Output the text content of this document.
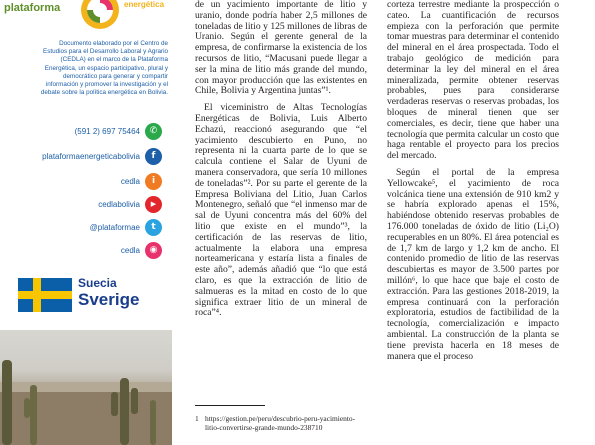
plataforma	energética
Documento elaborado por el Centro de Estudios para el Desarrollo Laboral y Agrario (CEDLA) en el marco de la Plataforma Energética, un espacio participativo, plural y democrático para generar y compartir información y promover la investigación y el debate sobre la política energética en Bolivia.
(591 2) 697 75464	✆
plataformaenergeticabolivia	f
cedla	i
cedlabolivia	▶
@plataformae	t
cedla	◉
Suecia
Sverige

de un yacimiento importante de litio y uranio, donde podría haber 2,5 millones de toneladas de litio y 125 millones de libras de Uranio. Según el gerente general de la empresa, de confirmarse la existencia de los recursos de litio, “Macusani puede llegar a ser la mina de litio más grande del mundo, con mayor producción que las existentes en Chile, Bolivia y Argentina juntas”¹.

El viceministro de Altas Tecnologías Energéticas de Bolivia, Luis Alberto Echazú, reaccionó asegurando que “el yacimiento descubierto en Puno, no representa ni la cuarta parte de lo que se calcula contiene el Salar de Uyuni de manera conservadora, que sería 10 millones de toneladas”². Por su parte el gerente de la Empresa Boliviana del Litio, Juan Carlos Montenegro, señaló que “el inmenso mar de sal de Uyuni concentra más del 60% del litio que existe en el mundo”³, la certificación de las reservas de litio, actualmente la elabora una empresa norteamericana y estaría lista a finales de este año”, además añadió que “lo que está claro, es que la extracción de litio de salmueras es la mitad en costo de lo que significa extraer litio de un mineral de roca”⁴.

1 https://gestion.pe/peru/descubrio-peru-yacimiento-litio-convertirse-grande-mundo-238710

corteza terrestre mediante la prospección o cateo. La cuantificación de recursos empieza con la perforación que permite tomar muestras para determinar el contenido del mineral en el área prospectada. Todo el trabajo geológico de medición para determinar la ley del mineral en el área mineralizada, permite obtener reservas probables, pues para considerarse verdaderas reservas o reservas probadas, los bloques de mineral tienen que ser comerciales, es decir, tiene que haber una tecnología que permita calcular un costo que haga rentable el proyecto para los precios del mercado.

Según el portal de la empresa Yellowcake⁵, el yacimiento de roca volcánica tiene una extensión de 910 km2 y se habría explorado apenas el 15%, habiéndose obtenido reservas probables de 176.000 toneladas de óxido de litio (Li₂O) recuperables en un 80%. El área potencial es de 1,7 km de largo y 1,2 km de ancho. El contenido promedio de litio de las reservas descubiertas es mayor de 3.500 partes por millón⁶, lo que hace que baje el costo de extracción. Para las gestiones 2018-2019, la empresa continuará con la perforación exploratoria, estudios de factibilidad de la tecnología, comercialización e impacto ambiental. La construcción de la planta se tiene prevista hacerla en 18 meses de manera que el proceso
